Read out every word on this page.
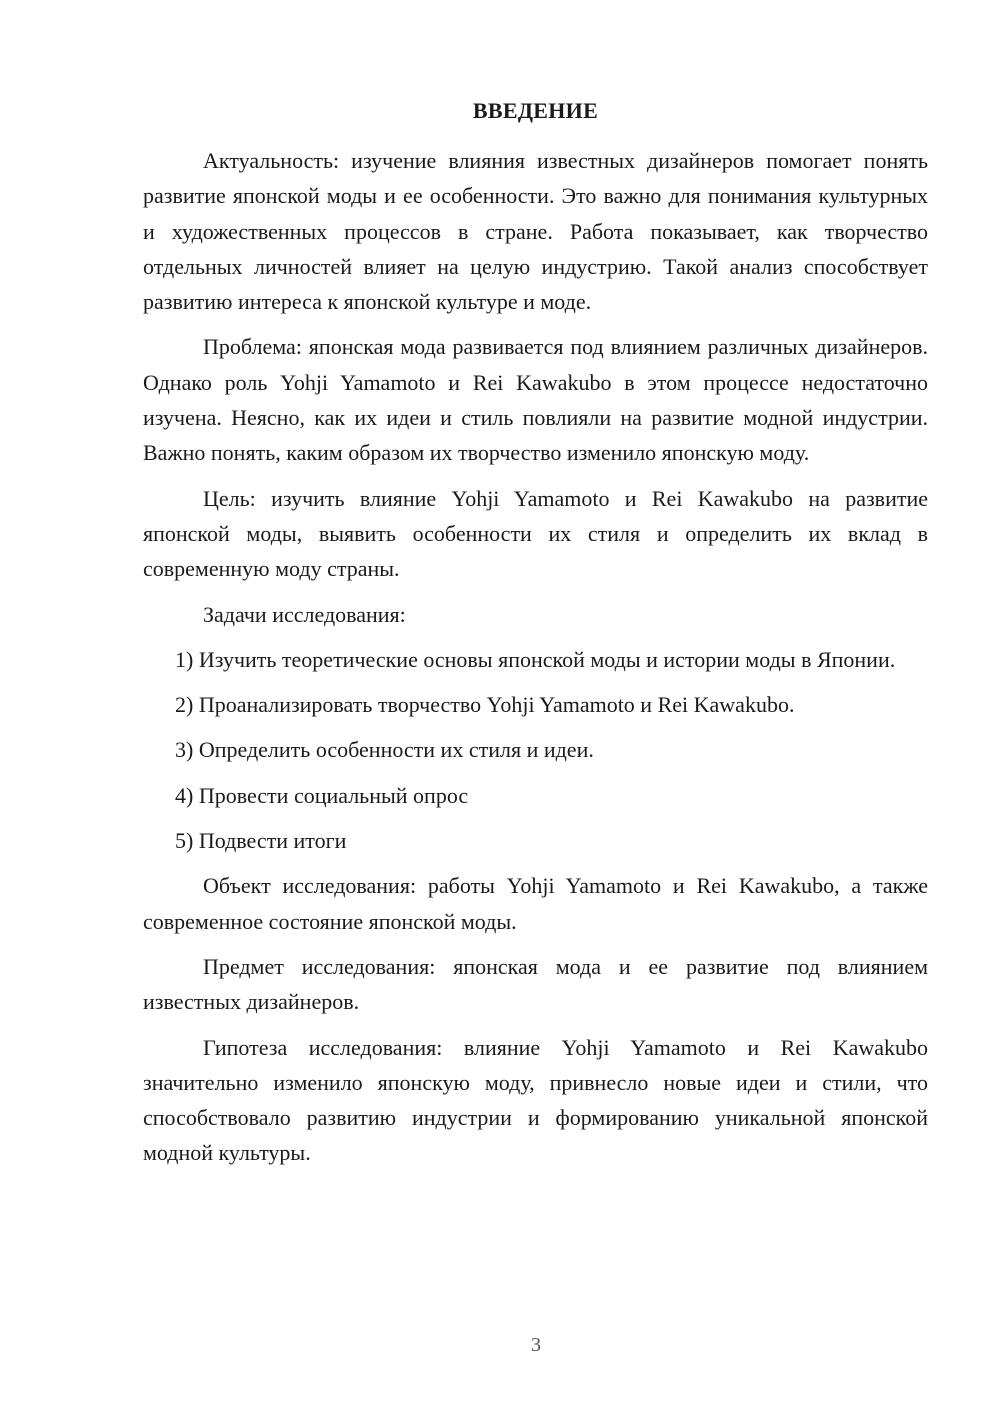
ВВЕДЕНИЕ

Актуальность: изучение влияния известных дизайнеров помогает понять развитие японской моды и ее особенности. Это важно для понимания культурных и художественных процессов в стране. Работа показывает, как творчество отдельных личностей влияет на целую индустрию. Такой анализ способствует развитию интереса к японской культуре и моде.

Проблема: японская мода развивается под влиянием различных дизайнеров. Однако роль Yohji Yamamoto и Rei Kawakubo в этом процессе недостаточно изучена. Неясно, как их идеи и стиль повлияли на развитие модной индустрии. Важно понять, каким образом их творчество изменило японскую моду.

Цель: изучить влияние Yohji Yamamoto и Rei Kawakubo на развитие японской моды, выявить особенности их стиля и определить их вклад в современную моду страны.

Задачи исследования:

1) Изучить теоретические основы японской моды и истории моды в Японии.

2) Проанализировать творчество Yohji Yamamoto и Rei Kawakubo.

3) Определить особенности их стиля и идеи.

4) Провести социальный опрос

5) Подвести итоги

Объект исследования: работы Yohji Yamamoto и Rei Kawakubo, а также современное состояние японской моды.

Предмет исследования: японская мода и ее развитие под влиянием известных дизайнеров.

Гипотеза исследования: влияние Yohji Yamamoto и Rei Kawakubo значительно изменило японскую моду, привнесло новые идеи и стили, что способствовало развитию индустрии и формированию уникальной японской модной культуры.

3
